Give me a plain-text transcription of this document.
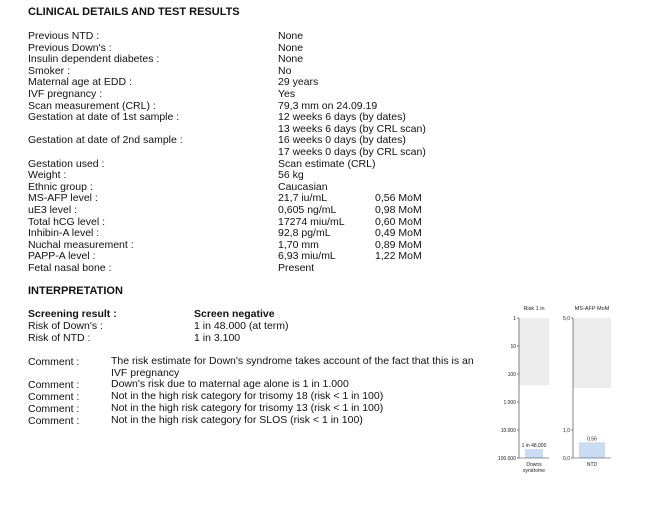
CLINICAL DETAILS AND TEST RESULTS
Previous NTD :	None
Previous Down's :	None
Insulin dependent diabetes :	None
Smoker :	No
Maternal age at EDD :	29 years
IVF pregnancy :	Yes
Scan measurement (CRL) :	79,3 mm on 24.09.19
Gestation at date of 1st sample :	12 weeks 6 days (by dates)
13 weeks 6 days (by CRL scan)
Gestation at date of 2nd sample :	16 weeks 0 days (by dates)
17 weeks 0 days (by CRL scan)
Gestation used :	Scan estimate (CRL)
Weight :	56 kg
Ethnic group :	Caucasian
MS-AFP level :	21,7 iu/mL	0,56 MoM
uE3 level :	0,605 ng/mL	0,98 MoM
Total hCG level :	17274 miu/mL	0,60 MoM
Inhibin-A level :	92,8 pg/mL	0,49 MoM
Nuchal measurement :	1,70 mm	0,89 MoM
PAPP-A level :	6,93 miu/mL	1,22 MoM
Fetal nasal bone :	Present
INTERPRETATION
Screening result :	Screen negative
Risk of Down's :	1 in 48.000 (at term)
Risk of NTD :	1 in 3.100
Comment :	The risk estimate for Down's syndrome takes account of the fact that this is an IVF pregnancy
Comment :	Down's risk due to maternal age alone is 1 in 1.000
Comment :	Not in the high risk category for trisomy 18 (risk < 1 in 100)
Comment :	Not in the high risk category for trisomy 13 (risk < 1 in 100)
Comment :	Not in the high risk category for SLOS (risk < 1 in 100)
Risk 1 in
1 in 48.000
1
10
100
1.000
10.000
100.000
Downs syndrome
MS-AFP MoM
0,56
5,0
1,0
0,0
NTD
